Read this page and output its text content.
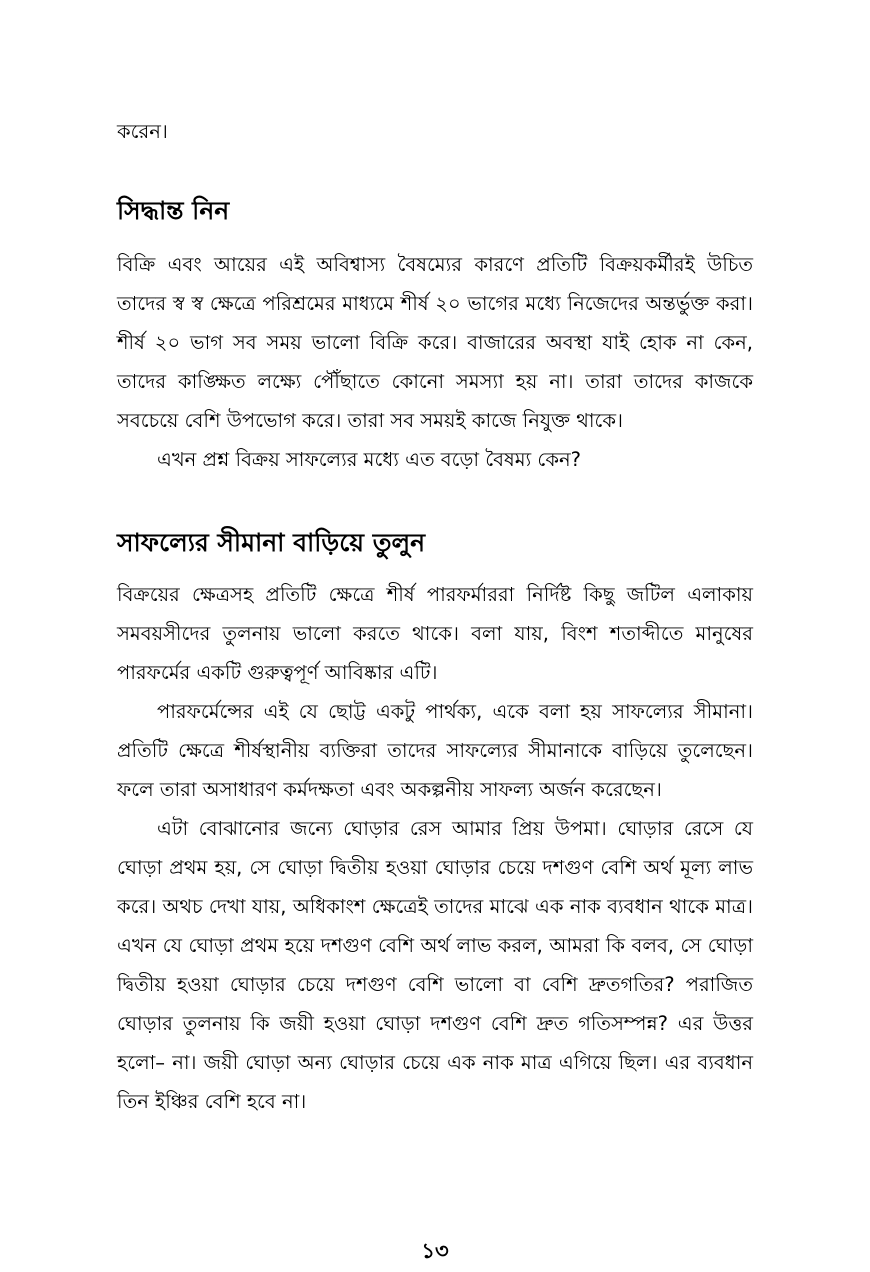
করেন।

সিদ্ধান্ত নিন

বিক্রি এবং আয়ের এই অবিশ্বাস্য বৈষম্যের কারণে প্রতিটি বিক্রয়কর্মীরই উচিত তাদের স্ব স্ব ক্ষেত্রে পরিশ্রমের মাধ্যমে শীর্ষ ২০ ভাগের মধ্যে নিজেদের অন্তর্ভুক্ত করা। শীর্ষ ২০ ভাগ সব সময় ভালো বিক্রি করে। বাজারের অবস্থা যাই হোক না কেন, তাদের কাঙ্ক্ষিত লক্ষ্যে পৌঁছাতে কোনো সমস্যা হয় না। তারা তাদের কাজকে সবচেয়ে বেশি উপভোগ করে। তারা সব সময়ই কাজে নিযুক্ত থাকে।

এখন প্রশ্ন বিক্রয় সাফল্যের মধ্যে এত বড়ো বৈষম্য কেন?

সাফল্যের সীমানা বাড়িয়ে তুলুন

বিক্রয়ের ক্ষেত্রসহ প্রতিটি ক্ষেত্রে শীর্ষ পারফর্মাররা নির্দিষ্ট কিছু জটিল এলাকায় সমবয়সীদের তুলনায় ভালো করতে থাকে। বলা যায়, বিংশ শতাব্দীতে মানুষের পারফর্মের একটি গুরুত্বপূর্ণ আবিষ্কার এটি।

পারফর্মেন্সের এই যে ছোট্ট একটু পার্থক্য, একে বলা হয় সাফল্যের সীমানা। প্রতিটি ক্ষেত্রে শীর্ষস্থানীয় ব্যক্তিরা তাদের সাফল্যের সীমানাকে বাড়িয়ে তুলেছেন। ফলে তারা অসাধারণ কর্মদক্ষতা এবং অকল্পনীয় সাফল্য অর্জন করেছেন।

এটা বোঝানোর জন্যে ঘোড়ার রেস আমার প্রিয় উপমা। ঘোড়ার রেসে যে ঘোড়া প্রথম হয়, সে ঘোড়া দ্বিতীয় হওয়া ঘোড়ার চেয়ে দশগুণ বেশি অর্থ মূল্য লাভ করে। অথচ দেখা যায়, অধিকাংশ ক্ষেত্রেই তাদের মাঝে এক নাক ব্যবধান থাকে মাত্র। এখন যে ঘোড়া প্রথম হয়ে দশগুণ বেশি অর্থ লাভ করল, আমরা কি বলব, সে ঘোড়া দ্বিতীয় হওয়া ঘোড়ার চেয়ে দশগুণ বেশি ভালো বা বেশি দ্রুতগতির? পরাজিত ঘোড়ার তুলনায় কি জয়ী হওয়া ঘোড়া দশগুণ বেশি দ্রুত গতিসম্পন্ন? এর উত্তর হলো– না। জয়ী ঘোড়া অন্য ঘোড়ার চেয়ে এক নাক মাত্র এগিয়ে ছিল। এর ব্যবধান তিন ইঞ্চির বেশি হবে না।

১৩
